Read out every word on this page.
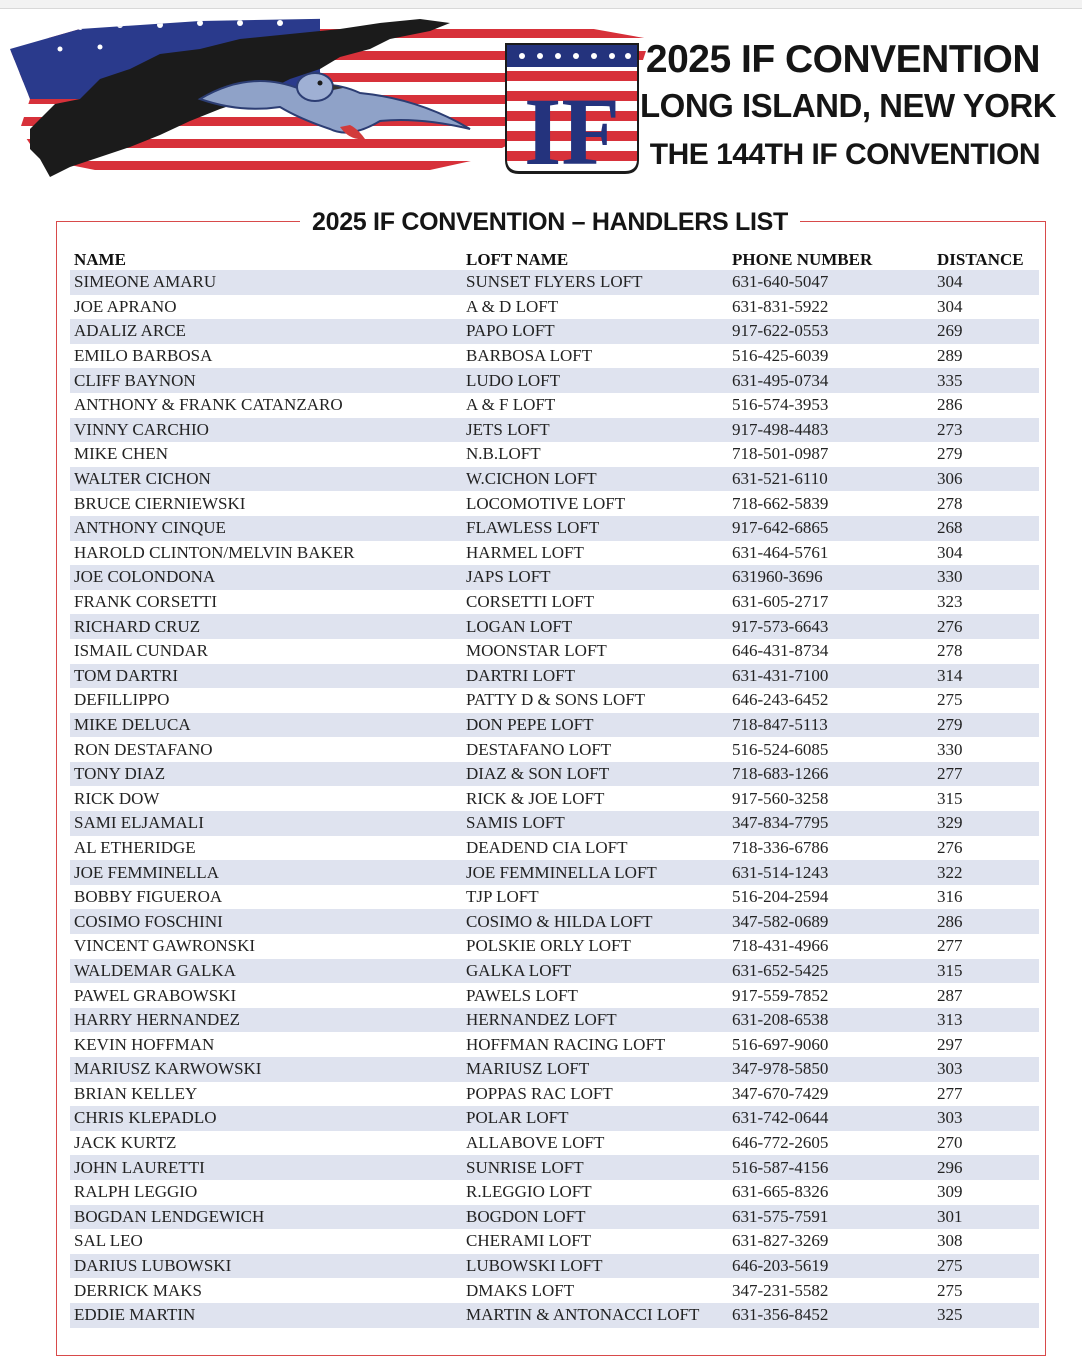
IF
2025 IF CONVENTION
LONG ISLAND, NEW YORK
THE 144TH IF CONVENTION
2025 IF CONVENTION – HANDLERS LIST
NAME	LOFT NAME	PHONE NUMBER	DISTANCE
SIMEONE AMARU	SUNSET FLYERS LOFT	631-640-5047	304
JOE APRANO	A & D LOFT	631-831-5922	304
ADALIZ ARCE	PAPO LOFT	917-622-0553	269
EMILO BARBOSA	BARBOSA LOFT	516-425-6039	289
CLIFF BAYNON	LUDO LOFT	631-495-0734	335
ANTHONY & FRANK CATANZARO	A & F LOFT	516-574-3953	286
VINNY CARCHIO	JETS LOFT	917-498-4483	273
MIKE CHEN	N.B.LOFT	718-501-0987	279
WALTER CICHON	W.CICHON LOFT	631-521-6110	306
BRUCE CIERNIEWSKI	LOCOMOTIVE LOFT	718-662-5839	278
ANTHONY CINQUE	FLAWLESS LOFT	917-642-6865	268
HAROLD CLINTON/MELVIN BAKER	HARMEL LOFT	631-464-5761	304
JOE COLONDONA	JAPS LOFT	631960-3696	330
FRANK CORSETTI	CORSETTI LOFT	631-605-2717	323
RICHARD CRUZ	LOGAN LOFT	917-573-6643	276
ISMAIL CUNDAR	MOONSTAR LOFT	646-431-8734	278
TOM DARTRI	DARTRI LOFT	631-431-7100	314
DEFILLIPPO	PATTY D & SONS LOFT	646-243-6452	275
MIKE DELUCA	DON PEPE LOFT	718-847-5113	279
RON DESTAFANO	DESTAFANO LOFT	516-524-6085	330
TONY DIAZ	DIAZ & SON LOFT	718-683-1266	277
RICK DOW	RICK & JOE LOFT	917-560-3258	315
SAMI ELJAMALI	SAMIS LOFT	347-834-7795	329
AL ETHERIDGE	DEADEND CIA LOFT	718-336-6786	276
JOE FEMMINELLA	JOE FEMMINELLA LOFT	631-514-1243	322
BOBBY FIGUEROA	TJP LOFT	516-204-2594	316
COSIMO FOSCHINI	COSIMO & HILDA LOFT	347-582-0689	286
VINCENT GAWRONSKI	POLSKIE ORLY LOFT	718-431-4966	277
WALDEMAR GALKA	GALKA LOFT	631-652-5425	315
PAWEL GRABOWSKI	PAWELS LOFT	917-559-7852	287
HARRY HERNANDEZ	HERNANDEZ LOFT	631-208-6538	313
KEVIN HOFFMAN	HOFFMAN RACING LOFT	516-697-9060	297
MARIUSZ KARWOWSKI	MARIUSZ LOFT	347-978-5850	303
BRIAN KELLEY	POPPAS RAC LOFT	347-670-7429	277
CHRIS KLEPADLO	POLAR LOFT	631-742-0644	303
JACK KURTZ	ALLABOVE LOFT	646-772-2605	270
JOHN LAURETTI	SUNRISE LOFT	516-587-4156	296
RALPH LEGGIO	R.LEGGIO LOFT	631-665-8326	309
BOGDAN LENDGEWICH	BOGDON LOFT	631-575-7591	301
SAL LEO	CHERAMI LOFT	631-827-3269	308
DARIUS LUBOWSKI	LUBOWSKI LOFT	646-203-5619	275
DERRICK MAKS	DMAKS LOFT	347-231-5582	275
EDDIE MARTIN	MARTIN & ANTONACCI LOFT	631-356-8452	325
